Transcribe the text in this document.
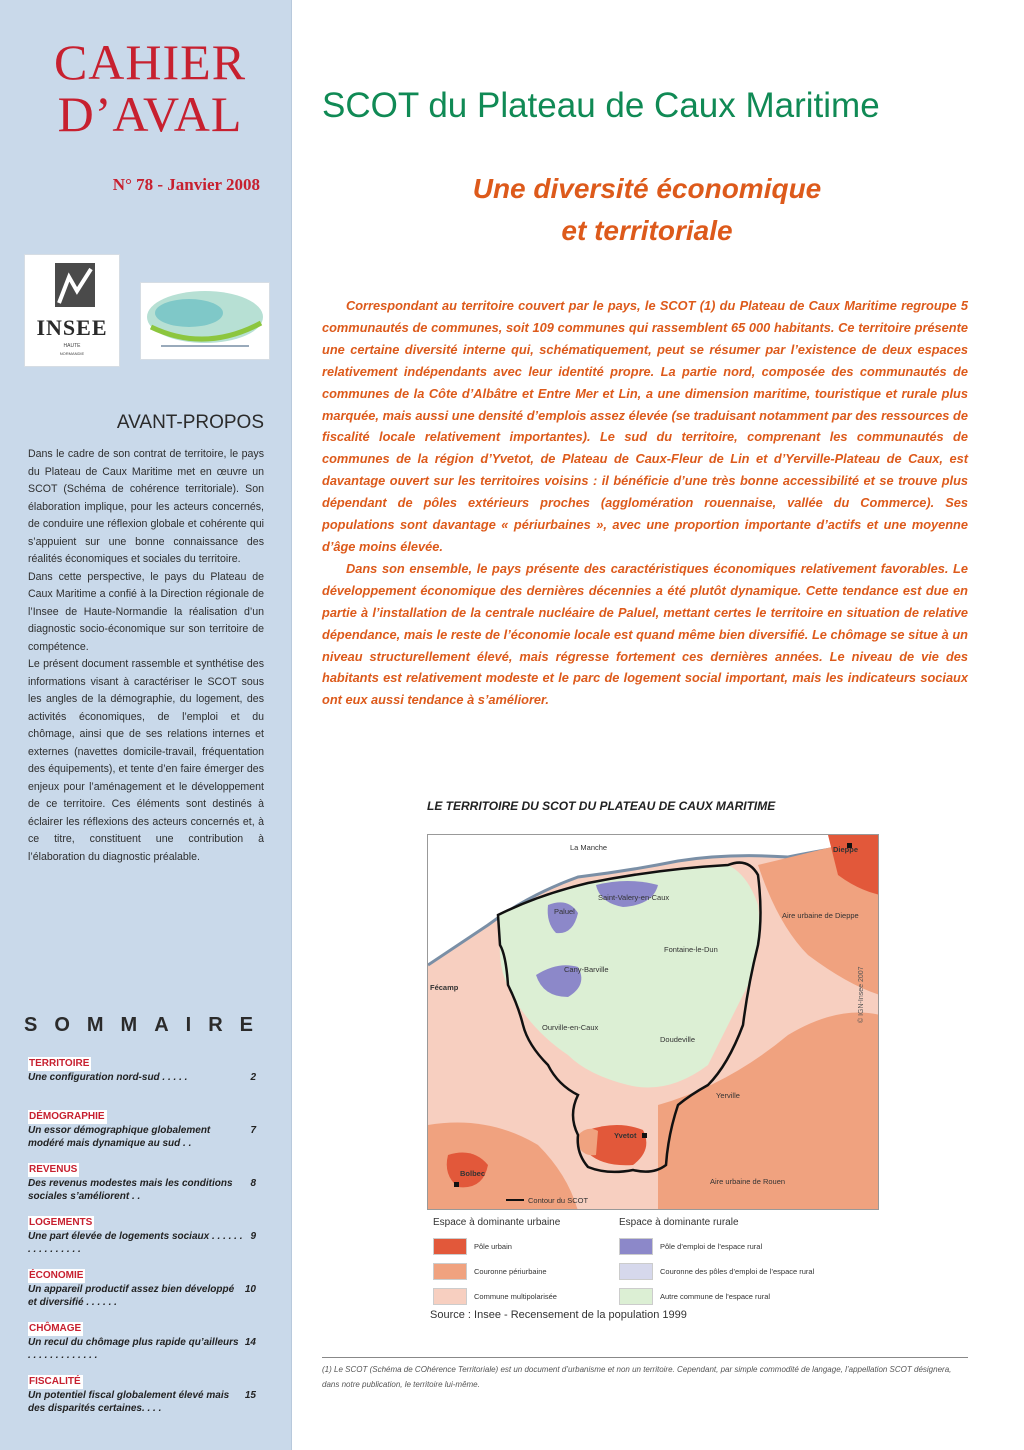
CAHIER
D’AVAL
N° 78 - Janvier 2008
INSEE
HAUTE
NORMANDIE
AVANT-PROPOS

Dans le cadre de son contrat de territoire, le pays du Plateau de Caux Maritime met en œuvre un SCOT (Schéma de cohérence territoriale). Son élaboration implique, pour les acteurs concernés, de conduire une réflexion globale et cohérente qui s’appuient sur une bonne connaissance des réalités économiques et sociales du territoire.

Dans cette perspective, le pays du Plateau de Caux Maritime a confié à la Direction régionale de l’Insee de Haute-Normandie la réalisation d’un diagnostic socio-économique sur son territoire de compétence.

Le présent document rassemble et synthétise des informations visant à caractériser le SCOT sous les angles de la démographie, du logement, des activités économiques, de l’emploi et du chômage, ainsi que de ses relations internes et externes (navettes domicile-travail, fréquentation des équipements), et tente d’en faire émerger des enjeux pour l’aménagement et le développement de ce territoire. Ces éléments sont destinés à éclairer les réflexions des acteurs concernés et, à ce titre, constituent une contribution à l’élaboration du diagnostic préalable.

SOMMAIRE
TERRITOIRE
Une configuration nord-sud . . . . .	2
DÉMOGRAPHIE
Un essor démographique globalement modéré mais dynamique au sud . .
7
REVENUS
Des revenus modestes mais les conditions sociales s’améliorent . .
8
LOGEMENTS
Une part élevée de logements sociaux . . . . . . . . . . . . . . . .
9
ÉCONOMIE
Un appareil productif assez bien développé et diversifié . . . . . .
10
CHÔMAGE
Un recul du chômage plus rapide qu’ailleurs . . . . . . . . . . . . .
14
FISCALITÉ
Un potentiel fiscal globalement élevé mais des disparités certaines. . . .
15
SCOT du Plateau de Caux Maritime
Une diversité économique
et territoriale

Correspondant au territoire couvert par le pays, le SCOT (1) du Plateau de Caux Maritime regroupe 5 communautés de communes, soit 109 communes qui rassemblent 65 000 habitants. Ce territoire présente une certaine diversité interne qui, schématiquement, peut se résumer par l’existence de deux espaces relativement indépendants avec leur identité propre. La partie nord, composée des communautés de communes de la Côte d’Albâtre et Entre Mer et Lin, a une dimension maritime, touristique et rurale plus marquée, mais aussi une densité d’emplois assez élevée (se traduisant notamment par des ressources de fiscalité locale relativement importantes). Le sud du territoire, comprenant les communautés de communes de la région d’Yvetot, de Plateau de Caux-Fleur de Lin et d’Yerville-Plateau de Caux, est davantage ouvert sur les territoires voisins : il bénéficie d’une très bonne accessibilité et se trouve plus dépendant de pôles extérieurs proches (agglomération rouennaise, vallée du Commerce). Ses populations sont davantage « périurbaines », avec une proportion importante d’actifs et une moyenne d’âge moins élevée.

Dans son ensemble, le pays présente des caractéristiques économiques relativement favorables. Le développement économique des dernières décennies a été plutôt dynamique. Cette tendance est due en partie à l’installation de la centrale nucléaire de Paluel, mettant certes le territoire en situation de relative dépendance, mais le reste de l’économie locale est quand même bien diversifié. Le chômage se situe à un niveau structurellement élevé, mais régresse fortement ces dernières années. Le niveau de vie des habitants est relativement modeste et le parc de logement social important, mais les indicateurs sociaux ont eux aussi tendance à s’améliorer.

LE TERRITOIRE DU SCOT DU PLATEAU DE CAUX MARITIME
La Manche	Dieppe
Aire urbaine de Dieppe
Paluel
Saint-Valery-en-Caux
Fontaine-le-Dun
Cany-Barville
Fécamp
Ourville-en-Caux
Doudeville
Yerville
Yvetot
Bolbec
Aire urbaine de Rouen
Contour du SCOT
© IGN-Insee 2007
Espace à dominante urbaine
Pôle urbain
Couronne périurbaine
Commune multipolarisée
Espace à dominante rurale
Pôle d’emploi de l’espace rural
Couronne des pôles d’emploi de l’espace rural
Autre commune de l’espace rural
Source : Insee - Recensement de la population 1999
(1) Le SCOT (Schéma de COhérence Territoriale) est un document d’urbanisme et non un territoire. Cependant, par simple commodité de langage, l’appellation SCOT désignera, dans notre publication, le territoire lui-même.
